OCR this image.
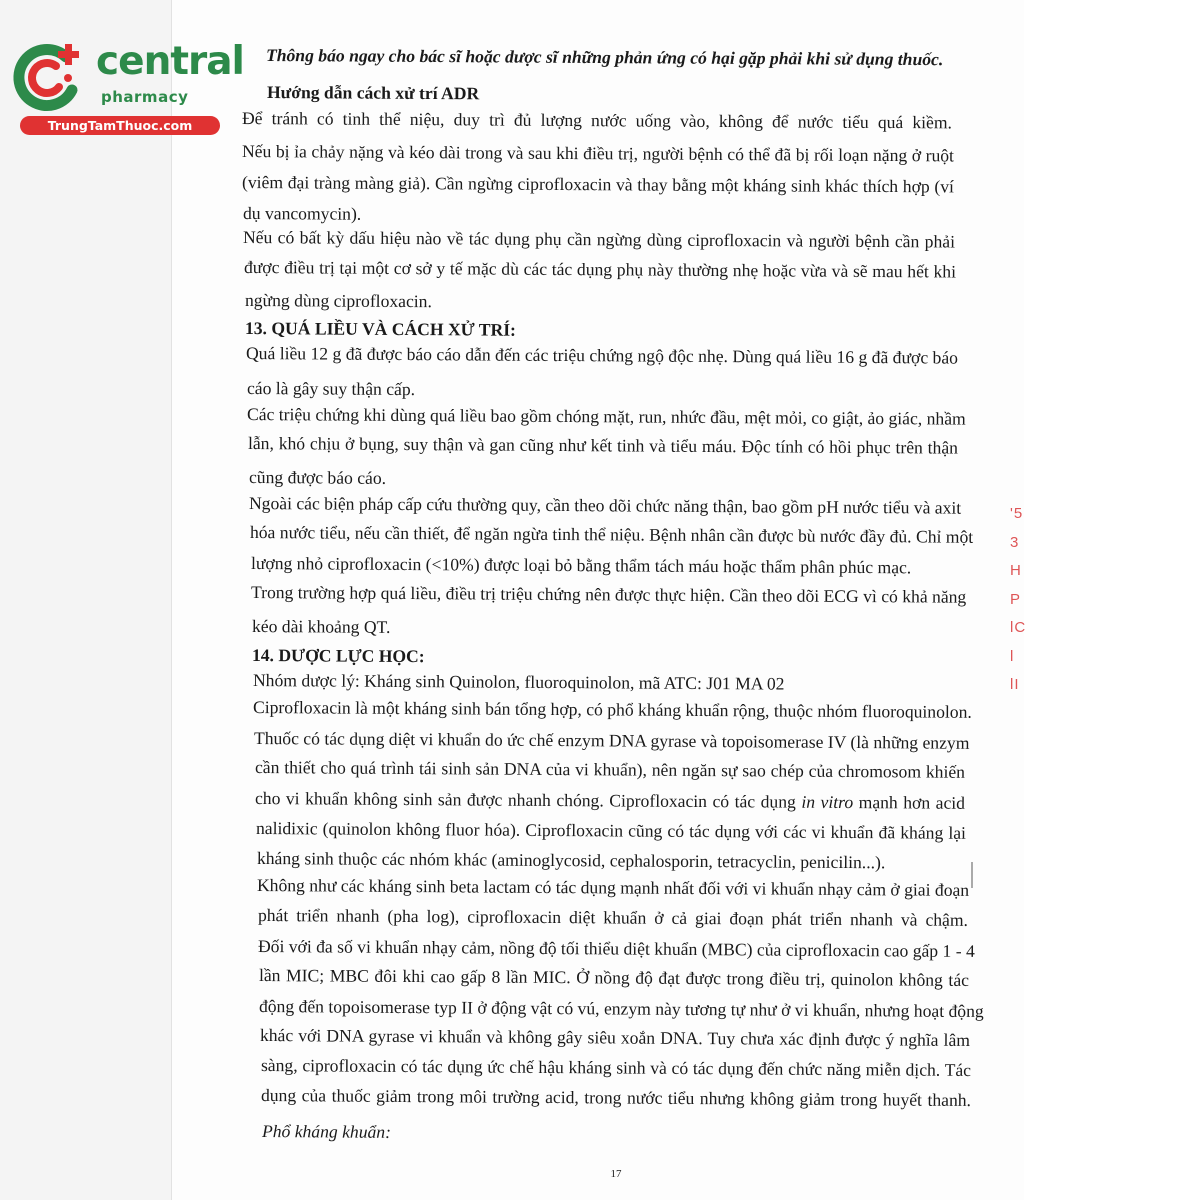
'5
3
H
P
lC
l
lI
central
pharmacy
TrungTamThuoc.com
Thông báo ngay cho bác sĩ hoặc dược sĩ những phản ứng có hại gặp phải khi sử dụng thuốc.
Hướng dẫn cách xử trí ADR
Để tránh có tinh thể niệu, duy trì đủ lượng nước uống vào, không để nước tiểu quá kiềm.
Nếu bị ỉa chảy nặng và kéo dài trong và sau khi điều trị, người bệnh có thể đã bị rối loạn nặng ở ruột
(viêm đại tràng màng giả). Cần ngừng ciprofloxacin và thay bằng một kháng sinh khác thích hợp (ví
dụ vancomycin).
Nếu có bất kỳ dấu hiệu nào về tác dụng phụ cần ngừng dùng ciprofloxacin và người bệnh cần phải
được điều trị tại một cơ sở y tế mặc dù các tác dụng phụ này thường nhẹ hoặc vừa và sẽ mau hết khi
ngừng dùng ciprofloxacin.
13. QUÁ LIỀU VÀ CÁCH XỬ TRÍ:
Quá liều 12 g đã được báo cáo dẫn đến các triệu chứng ngộ độc nhẹ. Dùng quá liều 16 g đã được báo
cáo là gây suy thận cấp.
Các triệu chứng khi dùng quá liều bao gồm chóng mặt, run, nhức đầu, mệt mỏi, co giật, ảo giác, nhầm
lẫn, khó chịu ở bụng, suy thận và gan cũng như kết tinh và tiểu máu. Độc tính có hồi phục trên thận
cũng được báo cáo.
Ngoài các biện pháp cấp cứu thường quy, cần theo dõi chức năng thận, bao gồm pH nước tiểu và axit
hóa nước tiểu, nếu cần thiết, để ngăn ngừa tinh thể niệu. Bệnh nhân cần được bù nước đầy đủ. Chỉ một
lượng nhỏ ciprofloxacin (<10%) được loại bỏ bằng thẩm tách máu hoặc thẩm phân phúc mạc.
Trong trường hợp quá liều, điều trị triệu chứng nên được thực hiện. Cần theo dõi ECG vì có khả năng
kéo dài khoảng QT.
14. DƯỢC LỰC HỌC:
Nhóm dược lý: Kháng sinh Quinolon, fluoroquinolon, mã ATC: J01 MA 02
Ciprofloxacin là một kháng sinh bán tổng hợp, có phổ kháng khuẩn rộng, thuộc nhóm fluoroquinolon.
Thuốc có tác dụng diệt vi khuẩn do ức chế enzym DNA gyrase và topoisomerase IV (là những enzym
cần thiết cho quá trình tái sinh sản DNA của vi khuẩn), nên ngăn sự sao chép của chromosom khiến
cho vi khuẩn không sinh sản được nhanh chóng. Ciprofloxacin có tác dụng in vitro mạnh hơn acid
nalidixic (quinolon không fluor hóa). Ciprofloxacin cũng có tác dụng với các vi khuẩn đã kháng lại
kháng sinh thuộc các nhóm khác (aminoglycosid, cephalosporin, tetracyclin, penicilin...).
Không như các kháng sinh beta lactam có tác dụng mạnh nhất đối với vi khuẩn nhạy cảm ở giai đoạn
phát triển nhanh (pha log), ciprofloxacin diệt khuẩn ở cả giai đoạn phát triển nhanh và chậm.
Đối với đa số vi khuẩn nhạy cảm, nồng độ tối thiểu diệt khuẩn (MBC) của ciprofloxacin cao gấp 1 - 4
lần MIC; MBC đôi khi cao gấp 8 lần MIC. Ở nồng độ đạt được trong điều trị, quinolon không tác
động đến topoisomerase typ II ở động vật có vú, enzym này tương tự như ở vi khuẩn, nhưng hoạt động
khác với DNA gyrase vi khuẩn và không gây siêu xoắn DNA. Tuy chưa xác định được ý nghĩa lâm
sàng, ciprofloxacin có tác dụng ức chế hậu kháng sinh và có tác dụng đến chức năng miễn dịch. Tác
dụng của thuốc giảm trong môi trường acid, trong nước tiểu nhưng không giảm trong huyết thanh.
Phổ kháng khuẩn:
17
